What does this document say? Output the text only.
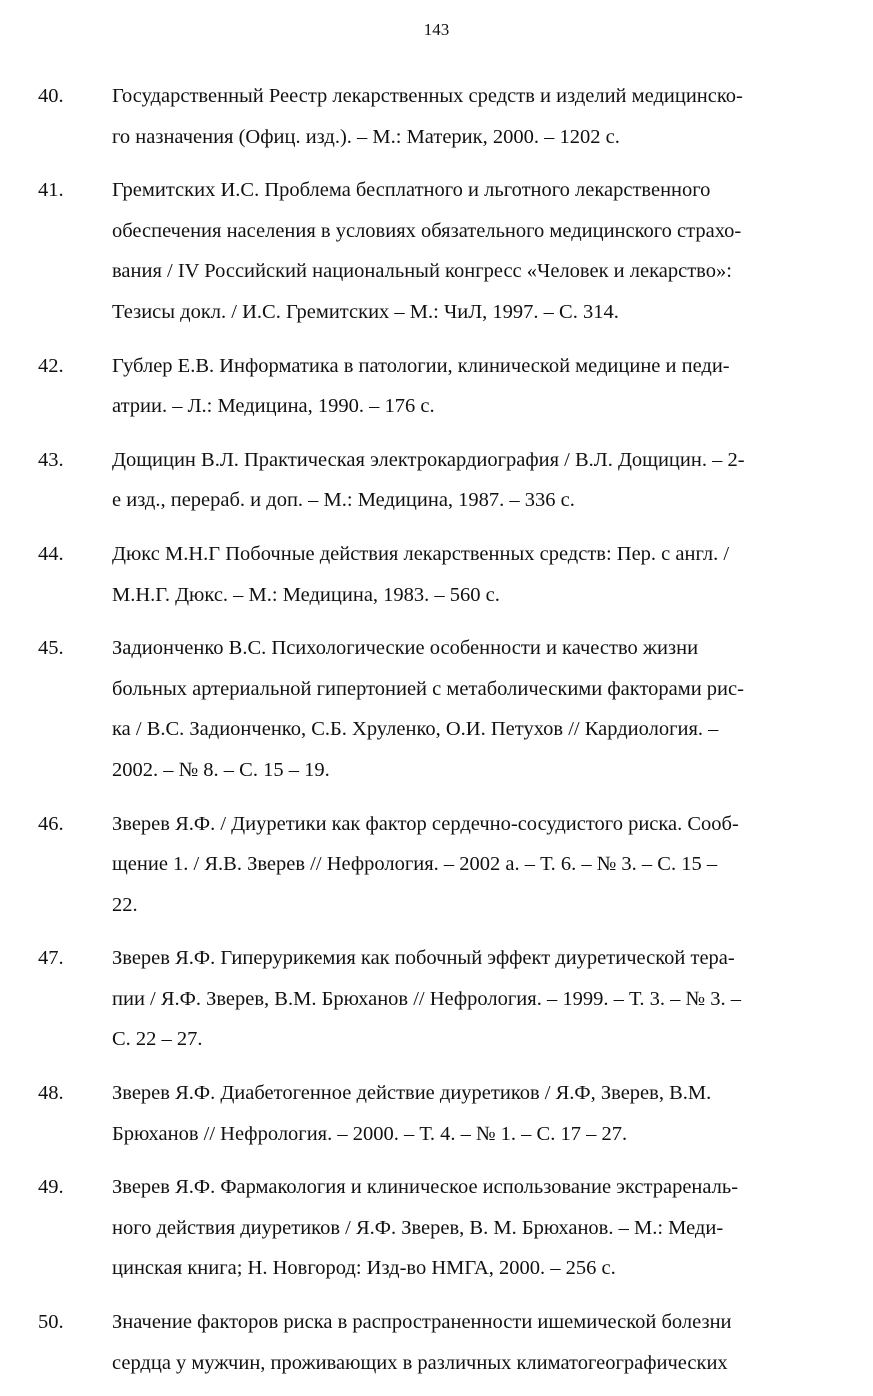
143
40.	Государственный Реестр лекарственных средств и изделий медицинско-
го назначения (Офиц. изд.). – М.: Материк, 2000. – 1202 с.
41.	Гремитских И.С. Проблема бесплатного и льготного лекарственного
обеспечения населения в условиях обязательного медицинского страхо-
вания / IV Российский национальный конгресс «Человек и лекарство»:
Тезисы докл. / И.С. Гремитских – М.: ЧиЛ, 1997. – С. 314.
42.	Гублер Е.В. Информатика в патологии, клинической медицине и педи-
атрии. – Л.: Медицина, 1990. – 176 с.
43.	Дощицин В.Л. Практическая электрокардиография / В.Л. Дощицин. – 2-
е изд., перераб. и доп. – М.: Медицина, 1987. – 336 с.
44.	Дюкс М.Н.Г Побочные действия лекарственных средств: Пер. с англ. /
М.Н.Г. Дюкс. – М.: Медицина, 1983. – 560 с.
45.	Задионченко В.С. Психологические особенности и качество жизни
больных артериальной гипертонией с метаболическими факторами рис-
ка / В.С. Задионченко, С.Б. Хруленко, О.И. Петухов // Кардиология. –
2002. – № 8. – С. 15 – 19.
46.	Зверев Я.Ф. / Диуретики как фактор сердечно-сосудистого риска. Сооб-
щение 1. / Я.В. Зверев // Нефрология. – 2002 а. – Т. 6. – № 3. – С. 15 –
22.
47.	Зверев Я.Ф. Гиперурикемия как побочный эффект диуретической тера-
пии / Я.Ф. Зверев, В.М. Брюханов // Нефрология. – 1999. – Т. 3. – № 3. –
С. 22 – 27.
48.	Зверев Я.Ф. Диабетогенное действие диуретиков / Я.Ф, Зверев, В.М.
Брюханов // Нефрология. – 2000. – Т. 4. – № 1. – С. 17 – 27.
49.	Зверев Я.Ф. Фармакология и клиническое использование экстрареналь-
ного действия диуретиков / Я.Ф. Зверев, В. М. Брюханов. – М.: Меди-
цинская книга; Н. Новгород: Изд-во НМГА, 2000. – 256 с.
50.	Значение факторов риска в распространенности ишемической болезни
сердца у мужчин, проживающих в различных климатогеографических
